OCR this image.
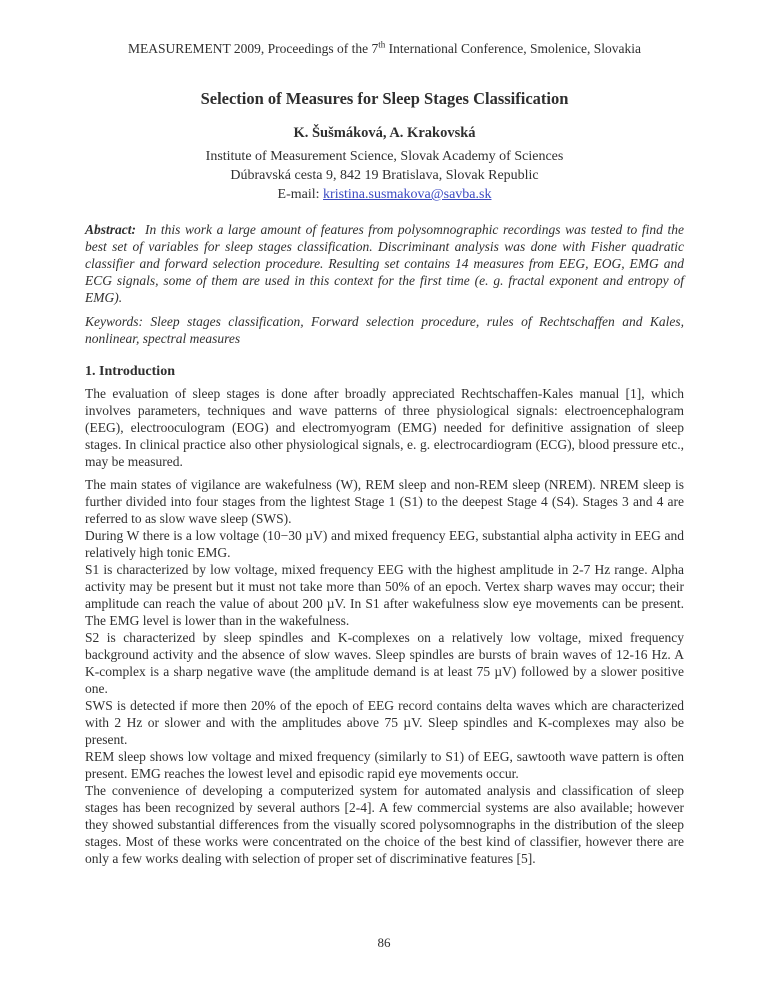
MEASUREMENT 2009, Proceedings of the 7th International Conference, Smolenice, Slovakia
Selection of Measures for Sleep Stages Classification
K. Šušmáková, A. Krakovská
Institute of Measurement Science, Slovak Academy of Sciences
Dúbravská cesta 9, 842 19 Bratislava, Slovak Republic
E-mail: kristina.susmakova@savba.sk
Abstract: In this work a large amount of features from polysomnographic recordings was tested to find the best set of variables for sleep stages classification. Discriminant analysis was done with Fisher quadratic classifier and forward selection procedure. Resulting set contains 14 measures from EEG, EOG, EMG and ECG signals, some of them are used in this context for the first time (e. g. fractal exponent and entropy of EMG).
Keywords: Sleep stages classification, Forward selection procedure, rules of Rechtschaffen and Kales, nonlinear, spectral measures
1. Introduction

The evaluation of sleep stages is done after broadly appreciated Rechtschaffen-Kales manual [1], which involves parameters, techniques and wave patterns of three physiological signals: electroencephalogram (EEG), electrooculogram (EOG) and electromyogram (EMG) needed for definitive assignation of sleep stages. In clinical practice also other physiological signals, e. g. electrocardiogram (ECG), blood pressure etc., may be measured.

The main states of vigilance are wakefulness (W), REM sleep and non-REM sleep (NREM). NREM sleep is further divided into four stages from the lightest Stage 1 (S1) to the deepest Stage 4 (S4). Stages 3 and 4 are referred to as slow wave sleep (SWS).

During W there is a low voltage (10−30 µV) and mixed frequency EEG, substantial alpha activity in EEG and relatively high tonic EMG.

S1 is characterized by low voltage, mixed frequency EEG with the highest amplitude in 2-7 Hz range. Alpha activity may be present but it must not take more than 50% of an epoch. Vertex sharp waves may occur; their amplitude can reach the value of about 200 µV. In S1 after wakefulness slow eye movements can be present. The EMG level is lower than in the wakefulness.

S2 is characterized by sleep spindles and K-complexes on a relatively low voltage, mixed frequency background activity and the absence of slow waves. Sleep spindles are bursts of brain waves of 12-16 Hz. A K-complex is a sharp negative wave (the amplitude demand is at least 75 µV) followed by a slower positive one.

SWS is detected if more then 20% of the epoch of EEG record contains delta waves which are characterized with 2 Hz or slower and with the amplitudes above 75 µV. Sleep spindles and K-complexes may also be present.

REM sleep shows low voltage and mixed frequency (similarly to S1) of EEG, sawtooth wave pattern is often present. EMG reaches the lowest level and episodic rapid eye movements occur.

The convenience of developing a computerized system for automated analysis and classification of sleep stages has been recognized by several authors [2-4]. A few commercial systems are also available; however they showed substantial differences from the visually scored polysomnographs in the distribution of the sleep stages. Most of these works were concentrated on the choice of the best kind of classifier, however there are only a few works dealing with selection of proper set of discriminative features [5].

86
